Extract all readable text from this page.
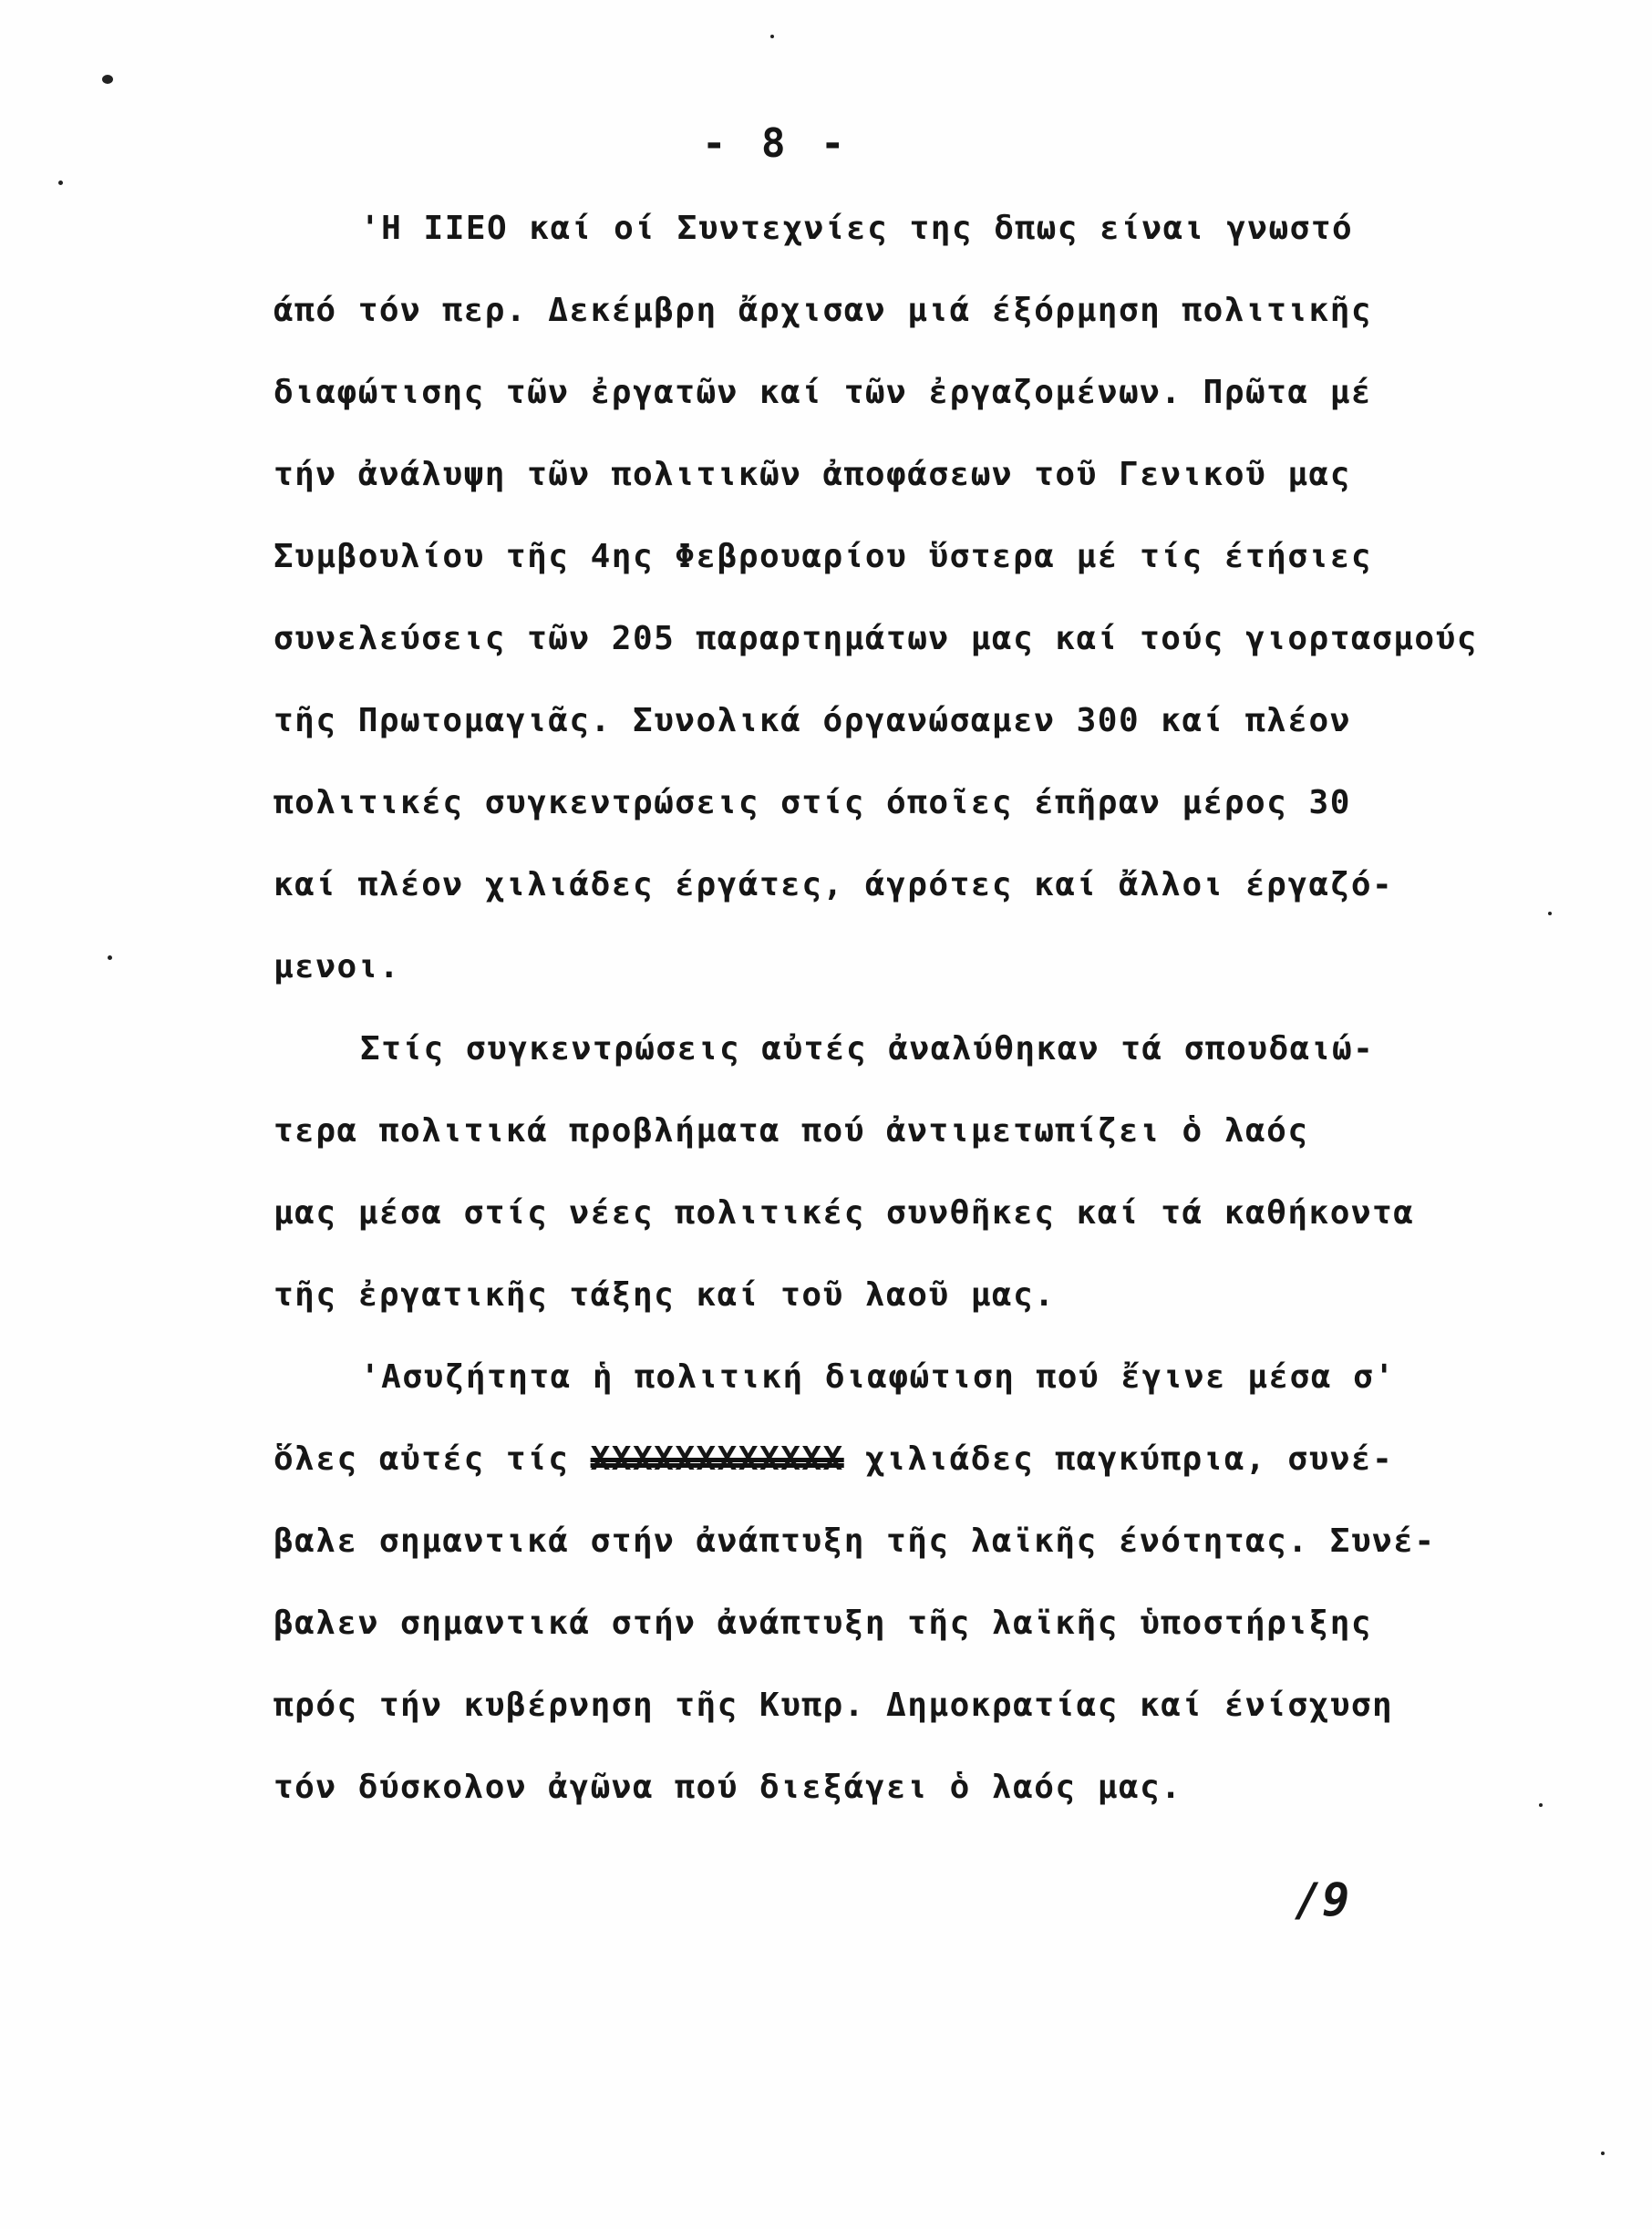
- 8 -
'Η ΙΙΕΟ καί οί Συντεχνίες της δπως είναι γνωστό
άπό τόν περ. Δεκέμβρη ἄρχισαν μιά έξόρμηση πολιτικῆς
διαφώτισης τῶν ἐργατῶν καί τῶν ἐργαζομένων. Πρῶτα μέ
τήν ἀνάλυψη τῶν πολιτικῶν ἀποφάσεων τοῦ Γενικοῦ μας
Συμβουλίου τῆς 4ης Φεβρουαρίου ὕστερα μέ τίς έτήσιες
συνελεύσεις τῶν 205 παραρτημάτων μας καί τούς γιορτασμούς
τῆς Πρωτομαγιᾶς. Συνολικά όργανώσαμεν 300 καί πλέον
πολιτικές συγκεντρώσεις στίς όποῖες έπῆραν μέρος 30
καί πλέον χιλιάδες έργάτες, άγρότες καί ἄλλοι έργαζό-
μενοι.
Στίς συγκεντρώσεις αὐτές ἀναλύθηκαν τά σπουδαιώ-
τερα πολιτικά προβλήματα πού ἀντιμετωπίζει ὁ λαός
μας μέσα στίς νέες πολιτικές συνθῆκες καί τά καθήκοντα
τῆς ἐργατικῆς τάξης καί τοῦ λαοῦ μας.
'Ασυζήτητα ἡ πολιτική διαφώτιση πού ἔγινε μέσα σ'
ὅλες αὐτές τίς XXXXXXXXXXXX χιλιάδες παγκύπρια, συνέ-
βαλε σημαντικά στήν ἀνάπτυξη τῆς λαϊκῆς ένότητας. Συνέ-
βαλεν σημαντικά στήν ἀνάπτυξη τῆς λαϊκῆς ὑποστήριξης
πρός τήν κυβέρνηση τῆς Κυπρ. Δημοκρατίας καί ένίσχυση
τόν δύσκολον ἀγῶνα πού διεξάγει ὁ λαός μας.
/9
